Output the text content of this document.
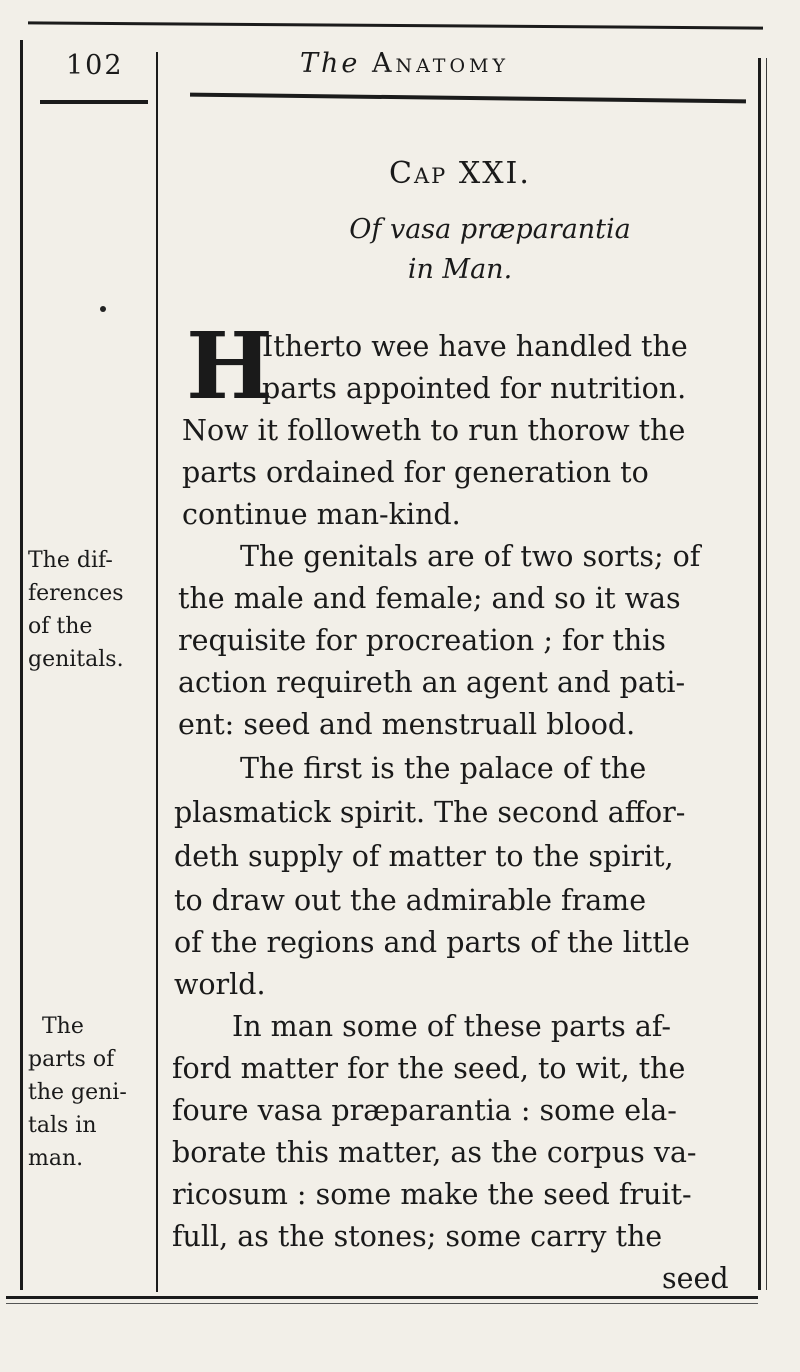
102	The Anatomy
Cap XXI.
Of vasa præparantia
in Man.
H
Itherto wee have handled the
parts appointed for nutrition.
Now it followeth to run thorow the
parts ordained for generation to
continue man-kind.
The genitals are of two sorts; of
the male and female; and so it was
requisite for procreation ; for this
action requireth an agent and pati-
ent: seed and menstruall blood.
The first is the palace of the
plasmatick spirit. The second affor-
deth supply of matter to the spirit,
to draw out the admirable frame
of the regions and parts of the little
world.
In man some of these parts af-
ford matter for the seed, to wit, the
foure vasa præparantia : some ela-
borate this matter, as the corpus va-
ricosum : some make the seed fruit-
full, as the stones; some carry the
seed
The dif-
ferences
of the
genitals.
The
parts of
the geni-
tals in
man.
